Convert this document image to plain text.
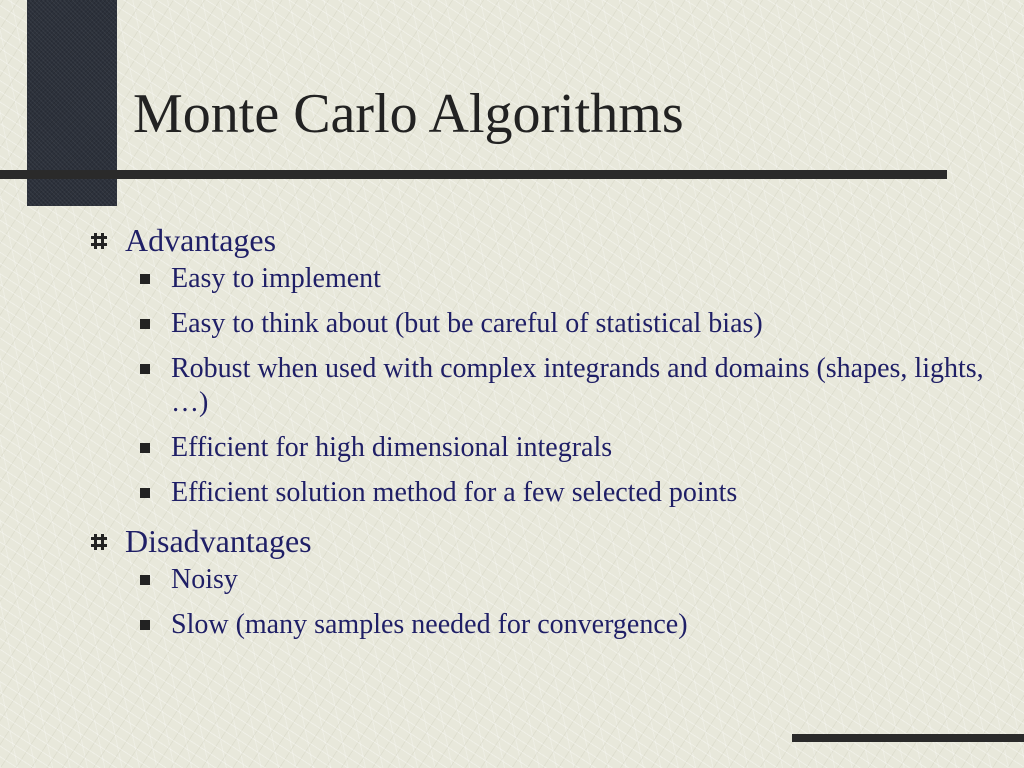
Monte Carlo Algorithms

Advantages

Easy to implement

Easy to think about (but be careful of statistical bias)

Robust when used with complex integrands and domains (shapes, lights, …)

Efficient for high dimensional integrals

Efficient solution method for a few selected points

Disadvantages

Noisy

Slow (many samples needed for convergence)
